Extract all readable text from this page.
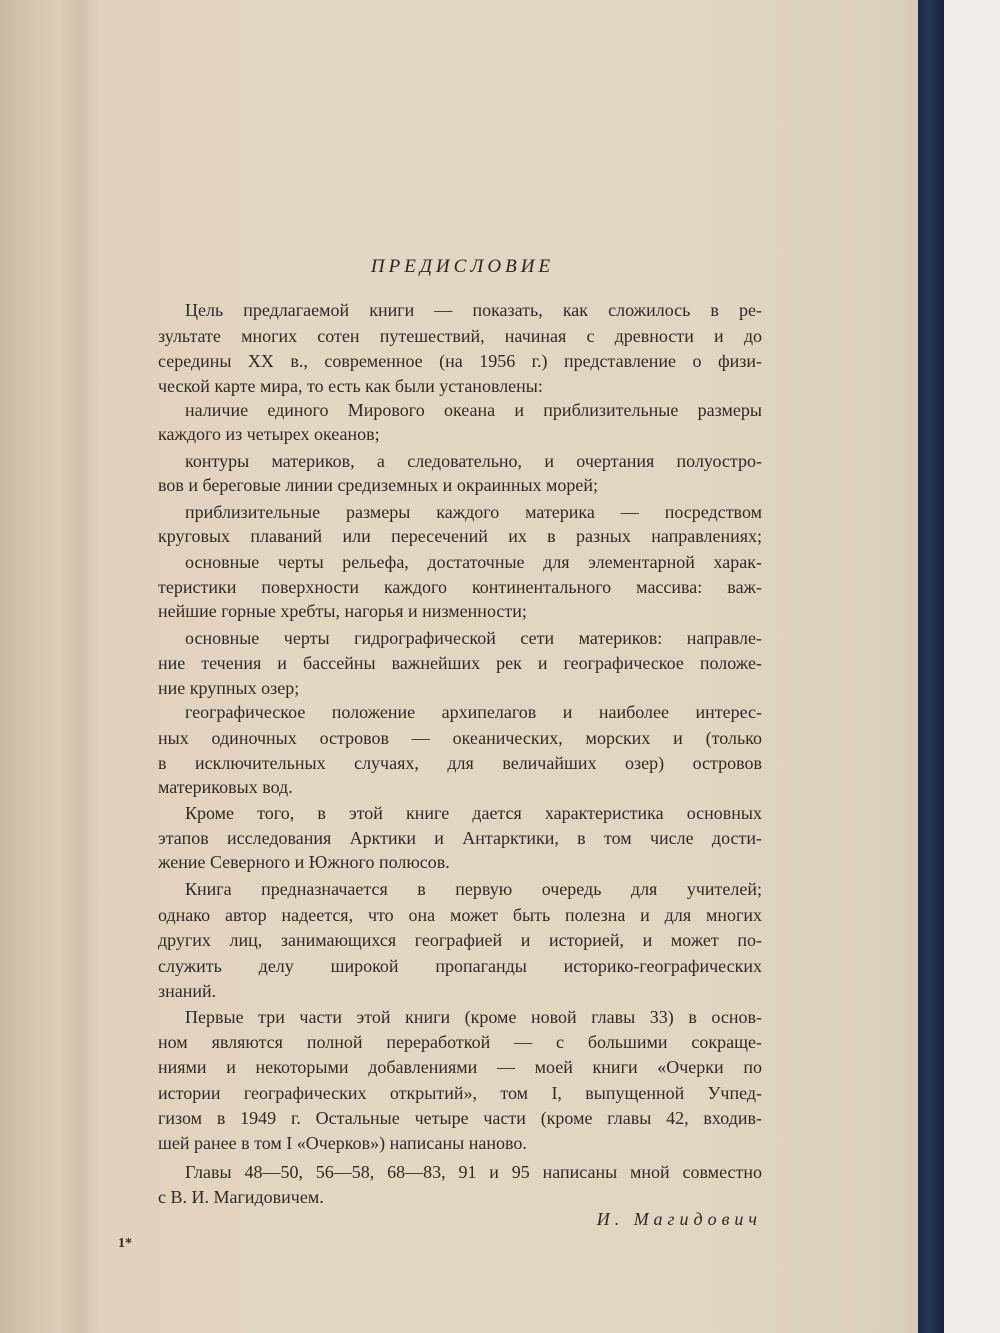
ПРЕДИСЛОВИЕ
Цель предлагаемой книги — показать, как сложилось в ре-
зультате многих сотен путешествий, начиная с древности и до
середины XX в., современное (на 1956 г.) представление о физи-
ческой карте мира, то есть как были установлены:
наличие единого Мирового океана и приблизительные размеры
каждого из четырех океанов;
контуры материков, а следовательно, и очертания полуостро-
вов и береговые линии средиземных и окраинных морей;
приблизительные размеры каждого материка — посредством
круговых плаваний или пересечений их в разных направлениях;
основные черты рельефа, достаточные для элементарной харак-
теристики поверхности каждого континентального массива: важ-
нейшие горные хребты, нагорья и низменности;
основные черты гидрографической сети материков: направле-
ние течения и бассейны важнейших рек и географическое положе-
ние крупных озер;
географическое положение архипелагов и наиболее интерес-
ных одиночных островов — океанических, морских и (только
в исключительных случаях, для величайших озер) островов
материковых вод.
Кроме того, в этой книге дается характеристика основных
этапов исследования Арктики и Антарктики, в том числе дости-
жение Северного и Южного полюсов.
Книга предназначается в первую очередь для учителей;
однако автор надеется, что она может быть полезна и для многих
других лиц, занимающихся географией и историей, и может по-
служить делу широкой пропаганды историко-географических
знаний.
Первые три части этой книги (кроме новой главы 33) в основ-
ном являются полной переработкой — с большими сокраще-
ниями и некоторыми добавлениями — моей книги «Очерки по
истории географических открытий», том I, выпущенной Учпед-
гизом в 1949 г. Остальные четыре части (кроме главы 42, входив-
шей ранее в том I «Очерков») написаны наново.
Главы 48—50, 56—58, 68—83, 91 и 95 написаны мной совместно
с В. И. Магидовичем.
И. Магидович
1*
